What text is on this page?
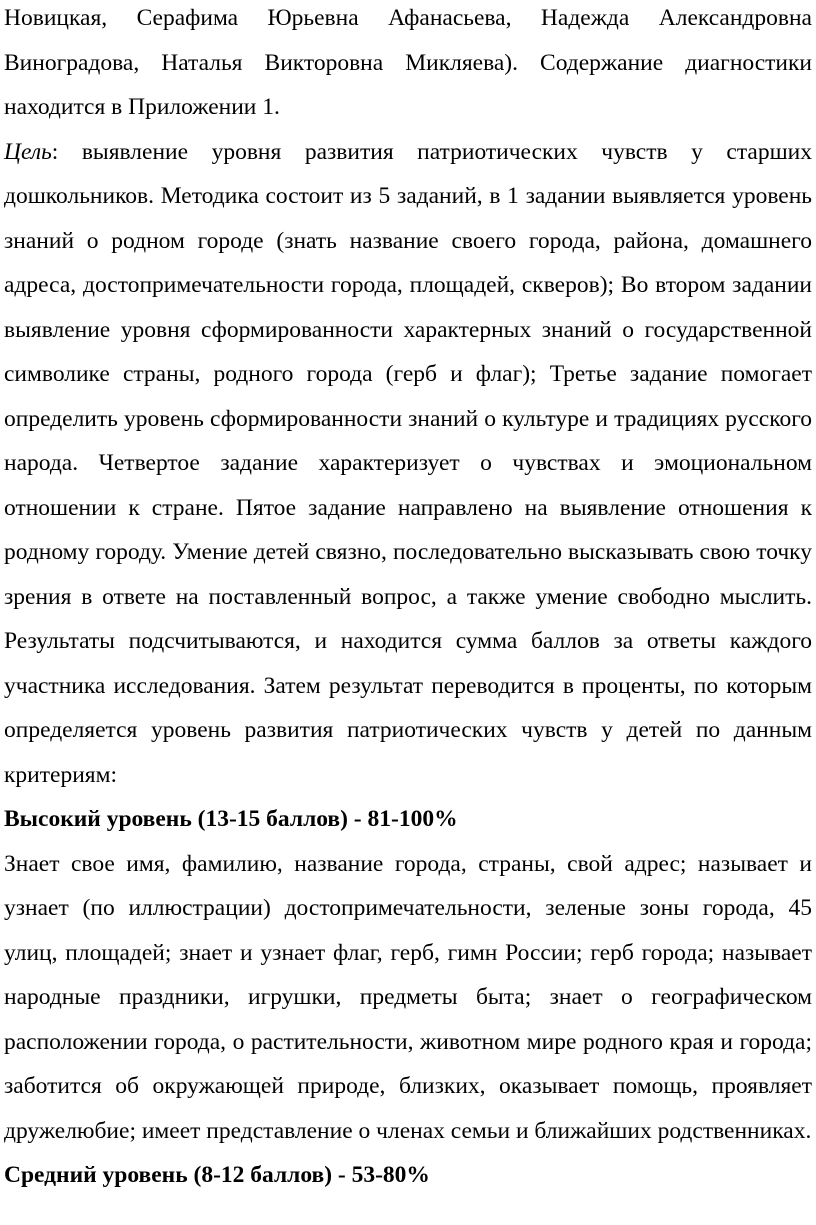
Новицкая, Серафима Юрьевна Афанасьева, Надежда Александровна Виноградова, Наталья Викторовна Микляева). Содержание диагностики находится в Приложении 1.

Цель: выявление уровня развития патриотических чувств у старших дошкольников. Методика состоит из 5 заданий, в 1 задании выявляется уровень знаний о родном городе (знать название своего города, района, домашнего адреса, достопримечательности города, площадей, скверов); Во втором задании выявление уровня сформированности характерных знаний о государственной символике страны, родного города (герб и флаг); Третье задание помогает определить уровень сформированности знаний о культуре и традициях русского народа. Четвертое задание характеризует о чувствах и эмоциональном отношении к стране. Пятое задание направлено на выявление отношения к родному городу. Умение детей связно, последовательно высказывать свою точку зрения в ответе на поставленный вопрос, а также умение свободно мыслить. Результаты подсчитываются, и находится сумма баллов за ответы каждого участника исследования. Затем результат переводится в проценты, по которым определяется уровень развития патриотических чувств у детей по данным критериям:

Высокий уровень (13-15 баллов) - 81-100%

Знает свое имя, фамилию, название города, страны, свой адрес; называет и узнает (по иллюстрации) достопримечательности, зеленые зоны города, 45 улиц, площадей; знает и узнает флаг, герб, гимн России; герб города; называет народные праздники, игрушки, предметы быта; знает о географическом расположении города, о растительности, животном мире родного края и города; заботится об окружающей природе, близких, оказывает помощь, проявляет дружелюбие; имеет представление о членах семьи и ближайших родственниках.

Средний уровень (8-12 баллов) - 53-80%
